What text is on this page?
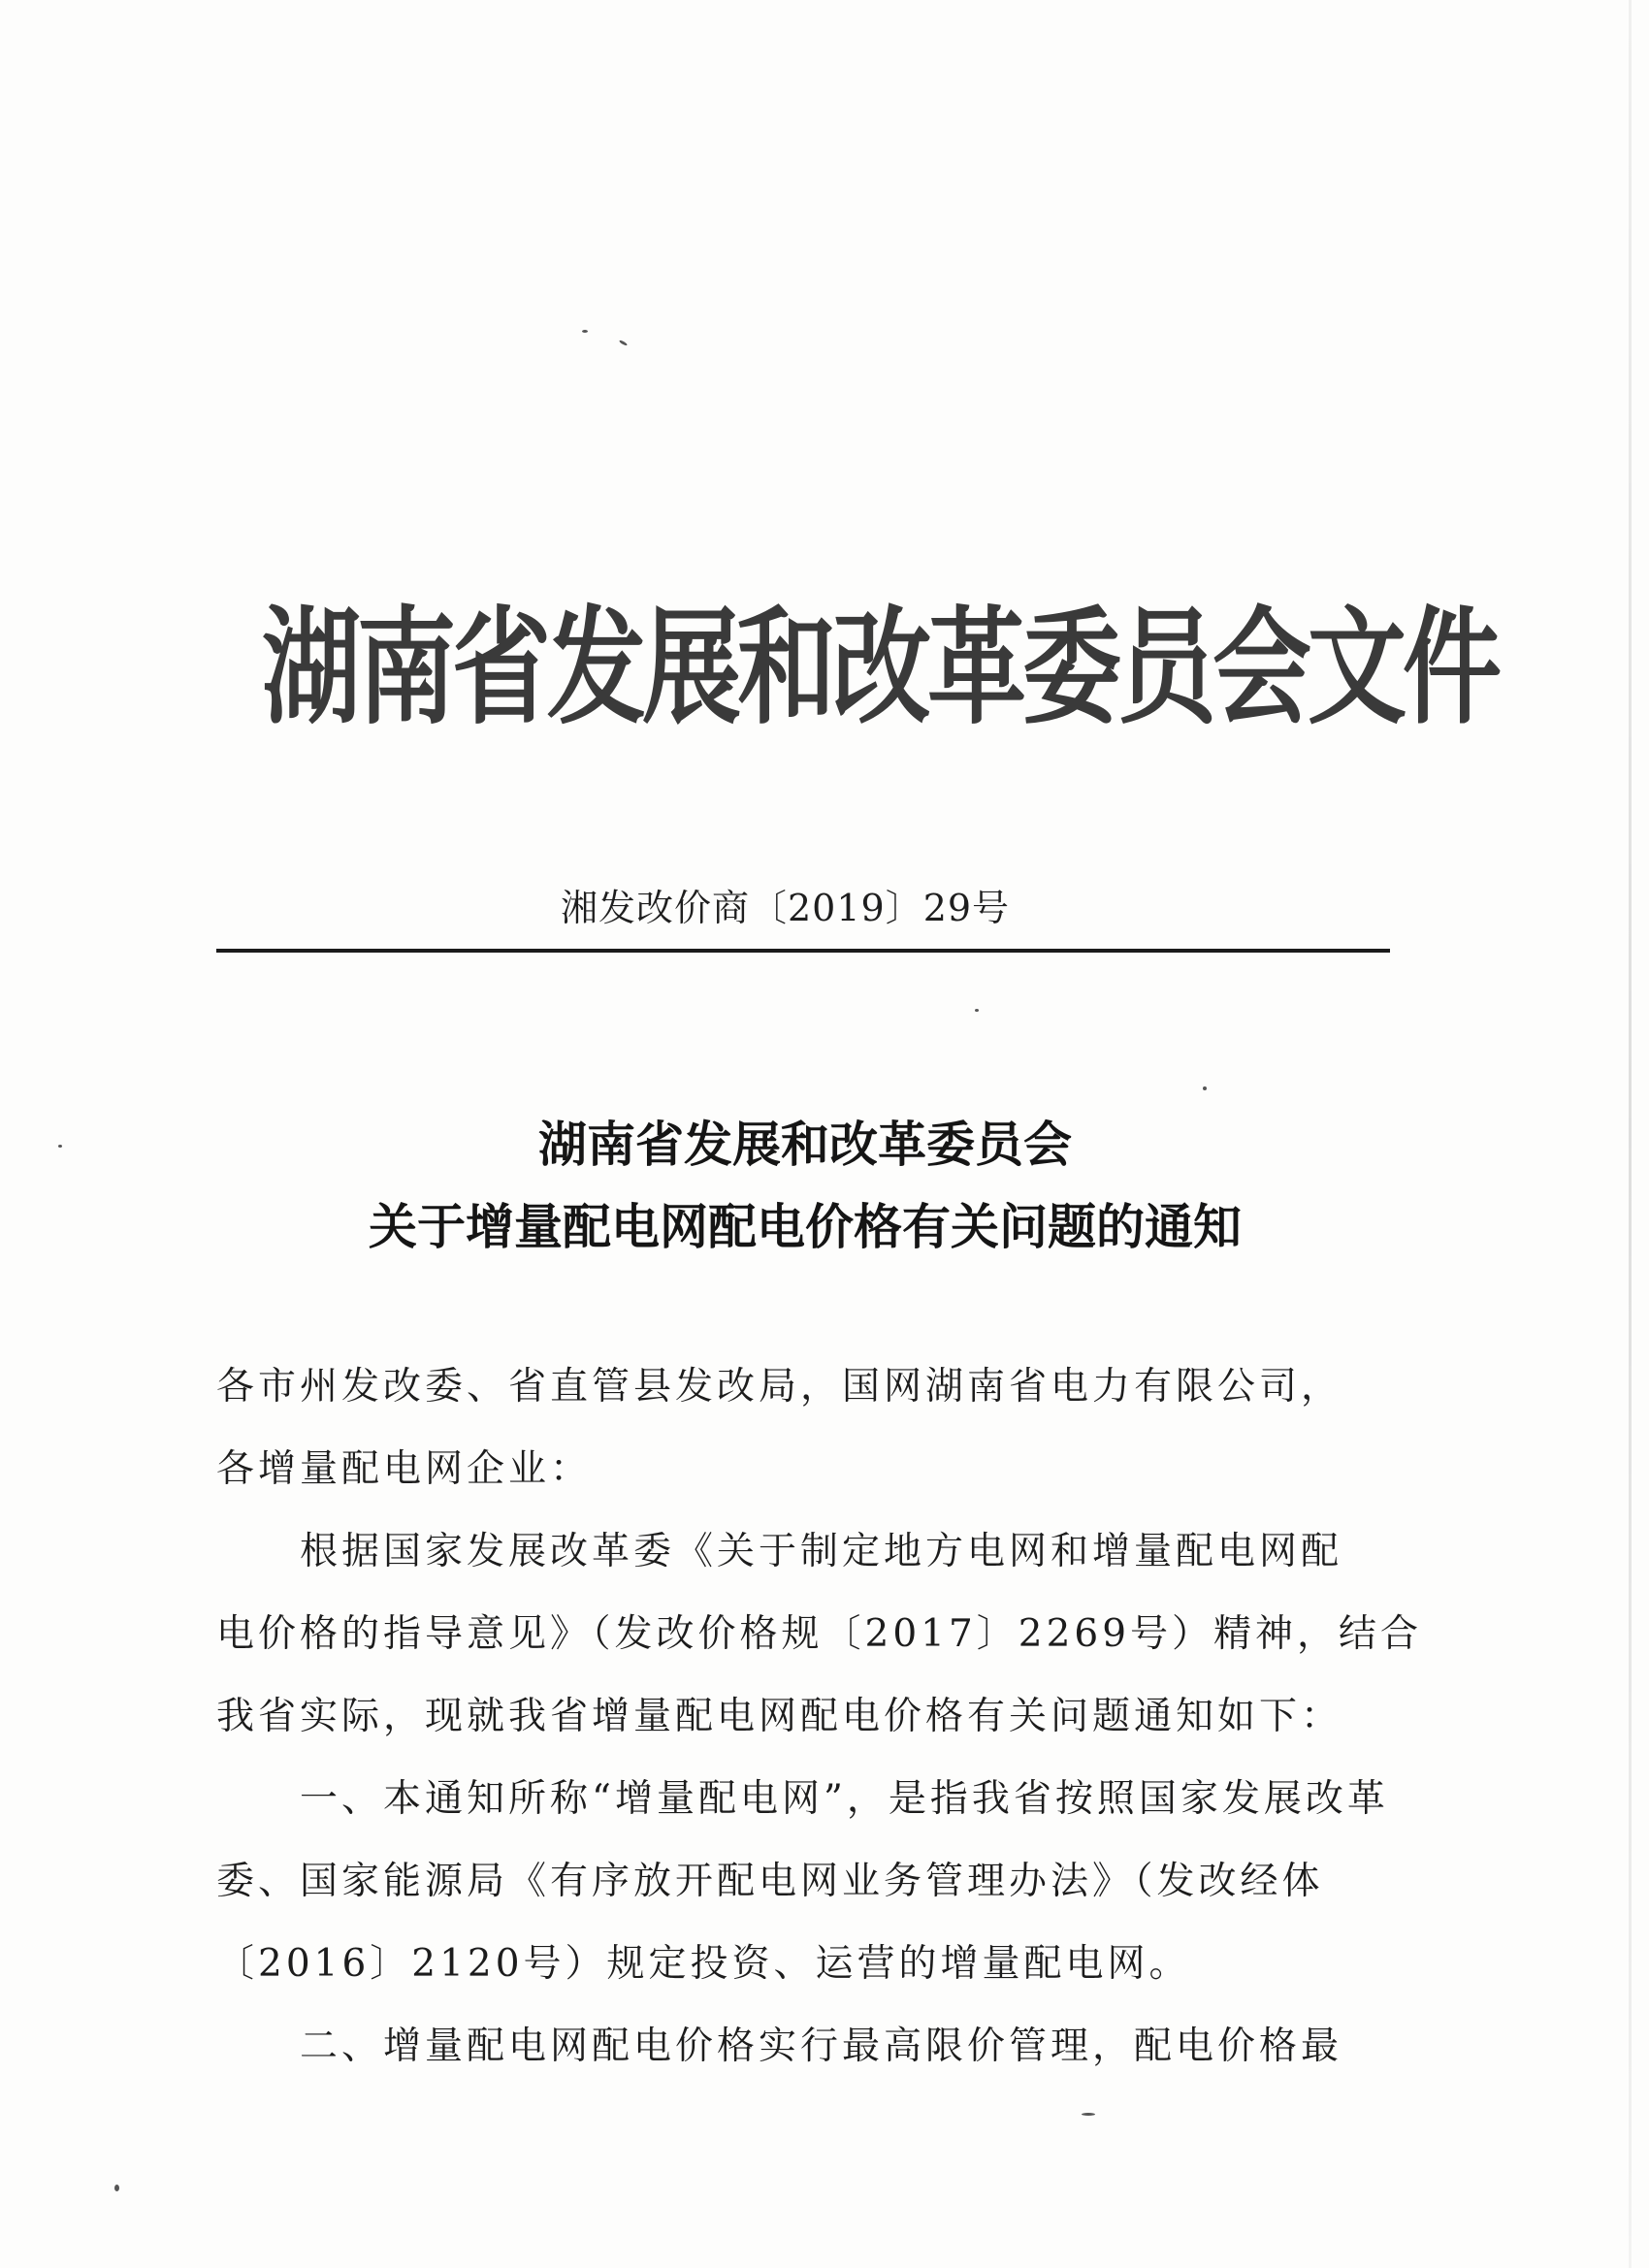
湖南省发展和改革委员会文件
湘发改价商〔2019〕29号
湖南省发展和改革委员会
关于增量配电网配电价格有关问题的通知
各市州发改委、省直管县发改局，国网湖南省电力有限公司，
各增量配电网企业：
　　根据国家发展改革委《关于制定地方电网和增量配电网配
电价格的指导意见》（发改价格规〔2017〕2269号）精神，结合
我省实际，现就我省增量配电网配电价格有关问题通知如下：
　　一、本通知所称“增量配电网”，是指我省按照国家发展改革
委、国家能源局《有序放开配电网业务管理办法》（发改经体
〔2016〕2120号）规定投资、运营的增量配电网。
　　二、增量配电网配电价格实行最高限价管理，配电价格最
